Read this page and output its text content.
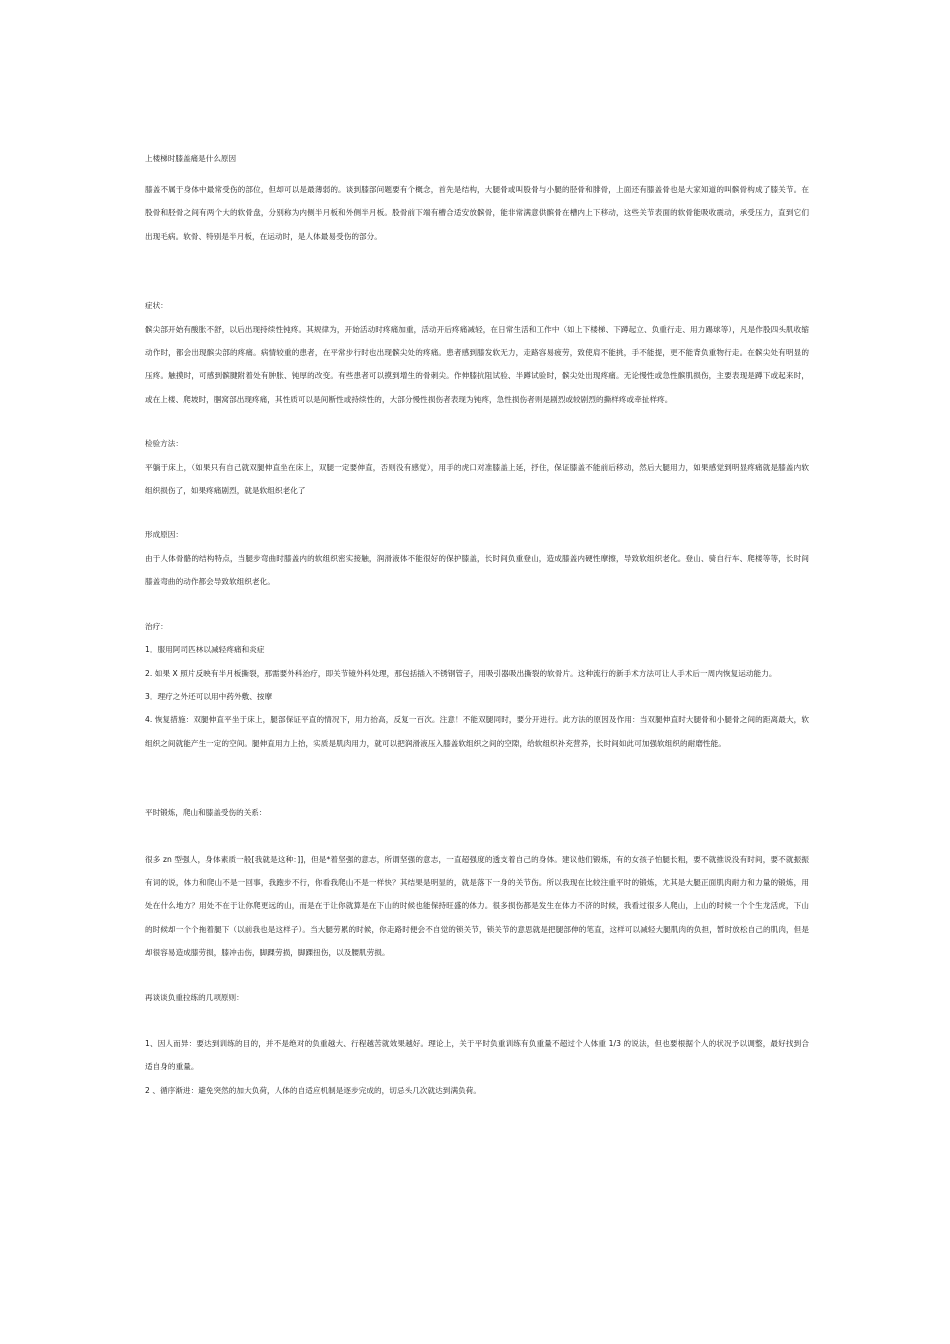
上楼梯时膝盖痛是什么原因

膝盖不属于身体中最常受伤的部位，但却可以是最薄弱的。谈到膝部问题要有个概念，首先是结构，大腿骨或叫股骨与小腿的胫骨和腓骨，上面还有膝盖骨也是大家知道的叫髌骨构成了膝关节。在股骨和胫骨之间有两个大的软骨盘，分别称为内侧半月板和外侧半月板。股骨前下端有槽合适安放髌骨，能非常满意供髌骨在槽内上下移动，这些关节表面的软骨能吸收震动，承受压力，直到它们出现毛病。软骨、特别是半月板，在运动时，是人体最易受伤的部分。

症状：

髌尖部开始有酸胀不舒，以后出现持续性钝疼。其规律为，开始活动时疼痛加重，活动开后疼痛减轻，在日常生活和工作中（如上下楼梯、下蹲起立、负重行走、用力踢球等），凡是作股四头肌收缩动作时，都会出现髌尖部的疼痛。病情较重的患者，在平常步行时也出现髌尖处的疼痛。患者感到膝发软无力，走路容易疲劳，致使肩不能挑，手不能提，更不能背负重物行走。在髌尖处有明显的压疼。触摸时，可感到髌腱附着处有肿胀、钝厚的改变。有些患者可以摸到增生的骨刺尖。作伸膝抗阻试验、半蹲试验时，髌尖处出现疼痛。无论慢性或急性髌肌损伤，主要表现是蹲下或起来时，或在上楼、爬坡时，腘窝部出现疼痛，其性质可以是间断性或持续性的，大部分慢性损伤者表现为钝疼，急性损伤者则是剧烈或较剧烈的撕样疼或牵扯样疼。

检验方法：

平躺于床上，（如果只有自己就双腿伸直坐在床上，双腿一定要伸直，否则没有感觉），用手的虎口对准膝盖上延，抒住，保证膝盖不能前后移动，然后大腿用力，如果感觉到明显疼痛就是膝盖内软组织损伤了，如果疼痛剧烈，就是软组织老化了

形成原因：

由于人体骨骼的结构特点，当腿步弯曲时膝盖内的软组织密实接触，润滑液体不能很好的保护膝盖，长时间负重登山，造成膝盖内硬性摩擦，导致软组织老化。登山、骑自行车、爬楼等等，长时间膝盖弯曲的动作都会导致软组织老化。

治疗：

1．服用阿司匹林以减轻疼痛和炎症

2. 如果 X 照片反映有半月板撕裂，那需要外科治疗，即关节镜外科处理，那包括插入不锈钢管子，用吸引器吸出撕裂的软骨片。这种流行的新手术方法可让人手术后一周内恢复运动能力。

3．理疗之外还可以用中药外敷、按摩

4. 恢复措施：双腿伸直平坐于床上，腿部保证平直的情况下，用力抬高，反复一百次。注意！不能双腿同时，要分开进行。此方法的原因及作用：当双腿伸直时大腿骨和小腿骨之间的距离最大，软组织之间就能产生一定的空间。腿伸直用力上抬，实质是肌肉用力，就可以把润滑液压入膝盖软组织之间的空隙，给软组织补充营养，长时间如此可加强软组织的耐磨性能。

平时锻炼，爬山和膝盖受伤的关系：

很多 zn 型强人，身体素质一般[我就是这种：]]，但是*着坚强的意志，所谓坚强的意志，一直超强度的透支着自己的身体。建议他们锻炼，有的女孩子怕腿长粗，要不就推说没有时间，要不就振振有词的说，体力和爬山不是一回事，我跑步不行，你看我爬山不是一样快？其结果是明显的，就是落下一身的关节伤。所以我现在比较注重平时的锻炼，尤其是大腿正面肌肉耐力和力量的锻炼，用处在什么地方？用处不在于让你爬更远的山，而是在于让你就算是在下山的时候也能保持旺盛的体力。很多损伤都是发生在体力不济的时候，我看过很多人爬山，上山的时候一个个生龙活虎，下山的时候却一个个拖着腿下（以前我也是这样子）。当大腿劳累的时候，你走路时便会不自觉的锁关节，锁关节的意思就是把腿部伸的笔直，这样可以减轻大腿肌肉的负担，暂时放松自己的肌肉，但是却很容易造成膝劳损，膝冲击伤，脚踝劳损，脚踝扭伤，以及腰肌劳损。

再谈谈负重拉练的几项原则：

1、因人而异：要达到训练的目的，并不是绝对的负重越大、行程越苦就效果越好。理论上，关于平时负重训练有负重量不超过个人体重 1/3 的说法，但也要根据个人的状况予以调整，最好找到合适自身的重量。

2 、循序渐进：避免突然的加大负荷，人体的自适应机制是逐步完成的，切忌头几次就达到满负荷。
